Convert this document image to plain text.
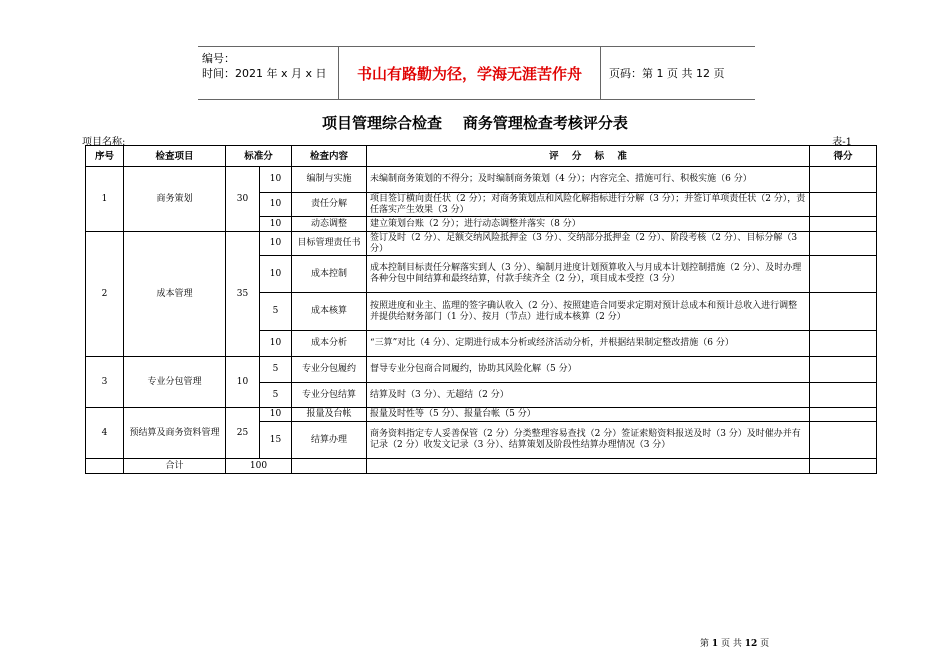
编号：
时间：2021 年 x 月 x 日	书山有路勤为径，学海无涯苦作舟	页码：第 1 页 共 12 页
项目管理综合检查    商务管理检查考核评分表
项目名称:	表-1
序号	检查项目	标准分		检查内容	评    分    标    准	得分
1	商务策划	30	10	编制与实施	未编制商务策划的不得分；及时编制商务策划（4 分）；内容完全、措施可行、积极实施（6 分）	
			10	责任分解	项目签订横向责任状（2 分）；对商务策划点和风险化解指标进行分解（3 分）；并签订单项责任状（2 分），责任落实产生效果（3 分）	
			10	动态调整	建立策划台账（2 分）；进行动态调整并落实（8 分）	
2	成本管理	35	10	目标管理责任书	签订及时（2 分）、足额交纳风险抵押金（3 分）、交纳部分抵押金（2 分）、阶段考核（2 分）、目标分解（3 分）	
			10	成本控制	成本控制目标责任分解落实到人（3 分）、编制月进度计划预算收入与月成本计划控制措施（2 分）、及时办理各种分包中间结算和最终结算，付款手续齐全（2 分），项目成本受控（3 分）	
			5	成本核算	按照进度和业主、监理的签字确认收入（2 分）、按照建造合同要求定期对预计总成本和预计总收入进行调整并提供给财务部门（1 分）、按月（节点）进行成本核算（2 分）	
			10	成本分析	“三算”对比（4 分）、定期进行成本分析或经济活动分析，并根据结果制定整改措施（6 分）	
3	专业分包管理	10	5	专业分包履约	督导专业分包商合同履约，协助其风险化解（5 分）	
			5	专业分包结算	结算及时（3 分）、无超结（2 分）	
4	预结算及商务资料管理	25	10	报量及台帐	报量及时性等（5 分）、报量台帐（5 分）	
			15	结算办理	商务资料指定专人妥善保管（2 分）分类整理容易查找（2 分）签证索赔资料报送及时（3 分）及时催办并有记录（2 分）收发文记录（3 分）、结算策划及阶段性结算办理情况（3 分）	
	合计	100				
第 1 页 共 12 页
